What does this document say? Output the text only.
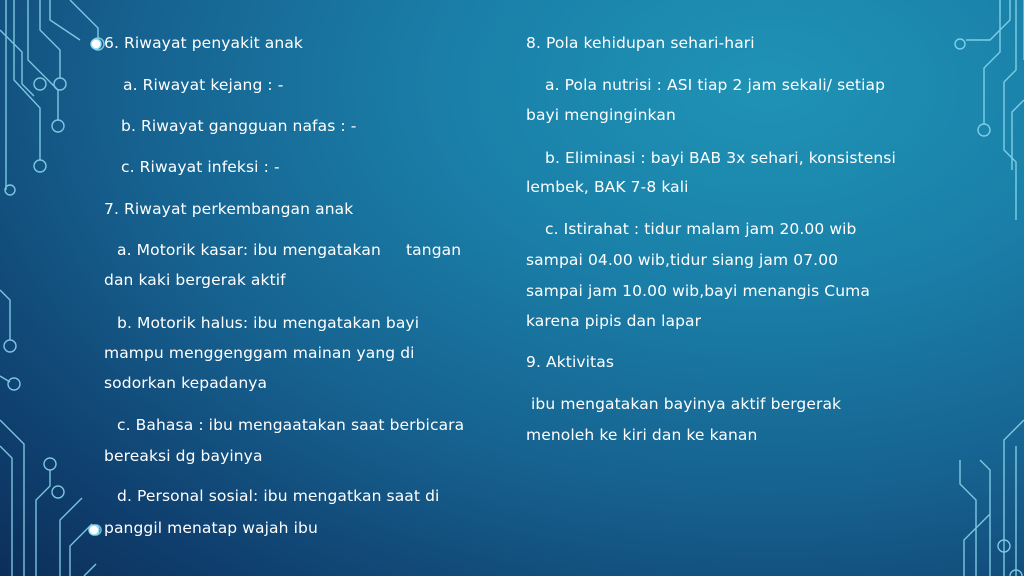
6. Riwayat penyakit anak
a. Riwayat kejang : -
b. Riwayat gangguan nafas : -
c. Riwayat infeksi : -
7. Riwayat perkembangan anak
a. Motorik kasar: ibu mengatakan     tangan
dan kaki bergerak aktif
b. Motorik halus: ibu mengatakan bayi
mampu menggenggam mainan yang di
sodorkan kepadanya
c. Bahasa : ibu mengaatakan saat berbicara
bereaksi dg bayinya
d. Personal sosial: ibu mengatkan saat di
panggil menatap wajah ibu
8. Pola kehidupan sehari-hari
a. Pola nutrisi : ASI tiap 2 jam sekali/ setiap
bayi menginginkan
b. Eliminasi : bayi BAB 3x sehari, konsistensi
lembek, BAK 7-8 kali
c. Istirahat : tidur malam jam 20.00 wib
sampai 04.00 wib,tidur siang jam 07.00
sampai jam 10.00 wib,bayi menangis Cuma
karena pipis dan lapar
9. Aktivitas
ibu mengatakan bayinya aktif bergerak
menoleh ke kiri dan ke kanan
